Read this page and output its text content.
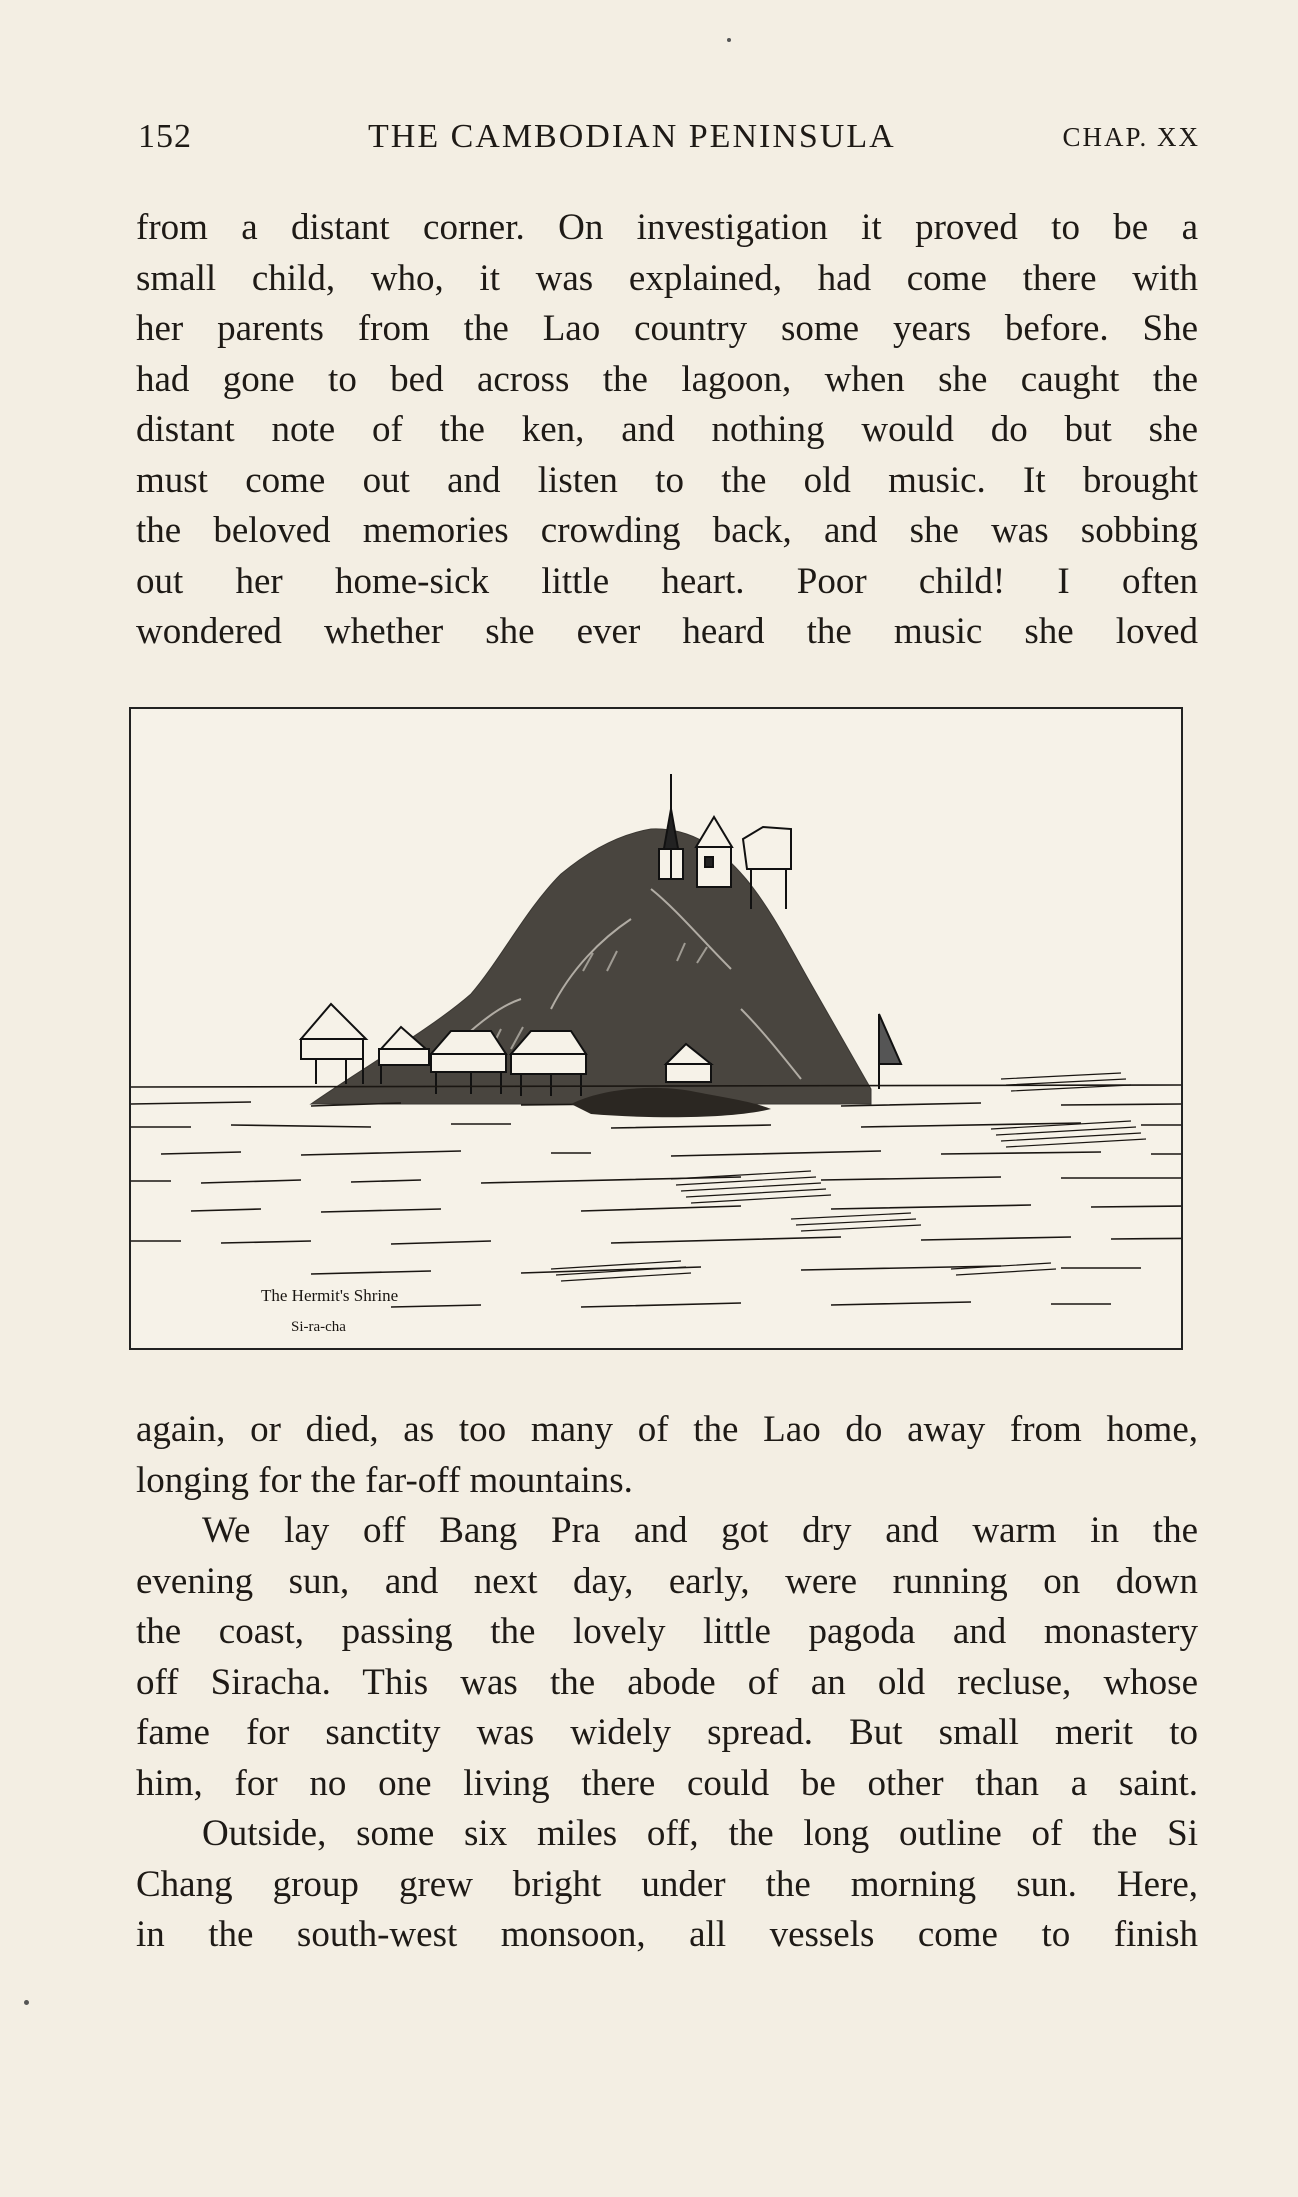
152	THE CAMBODIAN PENINSULA	CHAP. XX

from a distant corner. On investigation it proved to be a
small child, who, it was explained, had come there with
her parents from the Lao country some years before. She
had gone to bed across the lagoon, when she caught the
distant note of the ken, and nothing would do but she
must come out and listen to the old music. It brought
the beloved memories crowding back, and she was sobbing
out her home-sick little heart. Poor child! I often
wondered whether she ever heard the music she loved

The Hermit's Shrine
Si-ra-cha

again, or died, as too many of the Lao do away from home,
longing for the far-off mountains.

We lay off Bang Pra and got dry and warm in the
evening sun, and next day, early, were running on down
the coast, passing the lovely little pagoda and monastery
off Siracha. This was the abode of an old recluse, whose
fame for sanctity was widely spread. But small merit to
him, for no one living there could be other than a saint.

Outside, some six miles off, the long outline of the Si
Chang group grew bright under the morning sun. Here,
in the south-west monsoon, all vessels come to finish
